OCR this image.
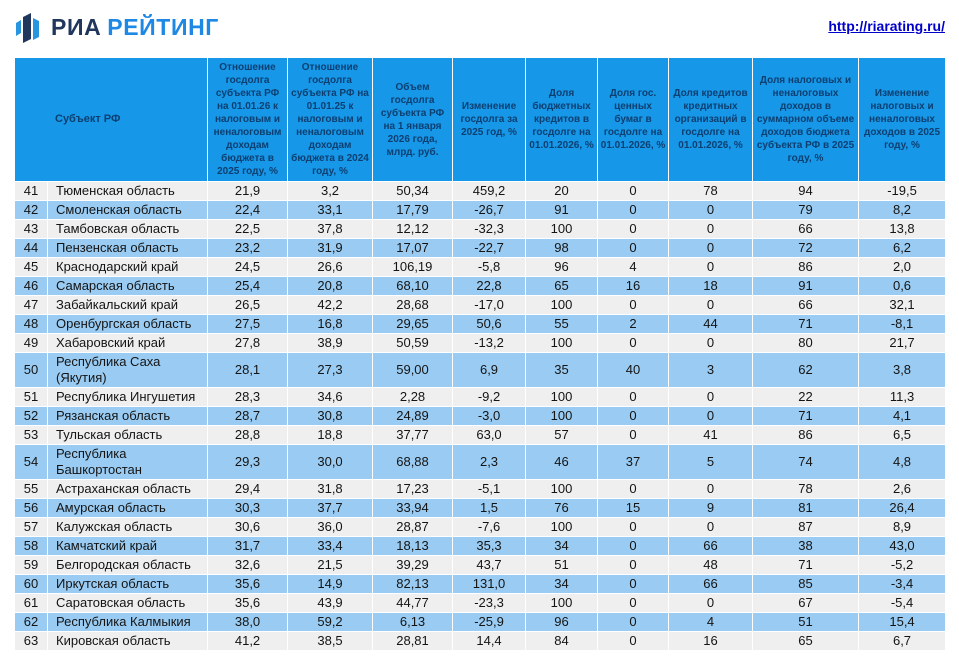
РИА РЕЙТИНГ	http://riarating.ru/
Субъект РФ		Отношение госдолга субъекта РФ на 01.01.26 к налоговым и неналоговым доходам бюджета в 2025 году, %	Отношение госдолга субъекта РФ на 01.01.25 к налоговым и неналоговым доходам бюджета в 2024 году, %	Объем госдолга субъекта РФ на 1 января 2026 года, млрд. руб.	Изменение госдолга за 2025 год, %	Доля бюджетных кредитов в госдолге на 01.01.2026, %	Доля гос. ценных бумаг в госдолге на 01.01.2026, %	Доля кредитов кредитных организаций в госдолге на 01.01.2026, %	Доля налоговых и неналоговых доходов в суммарном объеме доходов бюджета субъекта РФ в 2025 году, %	Изменение налоговых и неналоговых доходов в 2025 году, %
41	Тюменская область	21,9	3,2	50,34	459,2	20	0	78	94	-19,5
42	Смоленская область	22,4	33,1	17,79	-26,7	91	0	0	79	8,2
43	Тамбовская область	22,5	37,8	12,12	-32,3	100	0	0	66	13,8
44	Пензенская область	23,2	31,9	17,07	-22,7	98	0	0	72	6,2
45	Краснодарский край	24,5	26,6	106,19	-5,8	96	4	0	86	2,0
46	Самарская область	25,4	20,8	68,10	22,8	65	16	18	91	0,6
47	Забайкальский край	26,5	42,2	28,68	-17,0	100	0	0	66	32,1
48	Оренбургская область	27,5	16,8	29,65	50,6	55	2	44	71	-8,1
49	Хабаровский край	27,8	38,9	50,59	-13,2	100	0	0	80	21,7
50	Республика Саха (Якутия)	28,1	27,3	59,00	6,9	35	40	3	62	3,8
51	Республика Ингушетия	28,3	34,6	2,28	-9,2	100	0	0	22	11,3
52	Рязанская область	28,7	30,8	24,89	-3,0	100	0	0	71	4,1
53	Тульская область	28,8	18,8	37,77	63,0	57	0	41	86	6,5
54	Республика Башкортостан	29,3	30,0	68,88	2,3	46	37	5	74	4,8
55	Астраханская область	29,4	31,8	17,23	-5,1	100	0	0	78	2,6
56	Амурская область	30,3	37,7	33,94	1,5	76	15	9	81	26,4
57	Калужская область	30,6	36,0	28,87	-7,6	100	0	0	87	8,9
58	Камчатский край	31,7	33,4	18,13	35,3	34	0	66	38	43,0
59	Белгородская область	32,6	21,5	39,29	43,7	51	0	48	71	-5,2
60	Иркутская область	35,6	14,9	82,13	131,0	34	0	66	85	-3,4
61	Саратовская область	35,6	43,9	44,77	-23,3	100	0	0	67	-5,4
62	Республика Калмыкия	38,0	59,2	6,13	-25,9	96	0	4	51	15,4
63	Кировская область	41,2	38,5	28,81	14,4	84	0	16	65	6,7
